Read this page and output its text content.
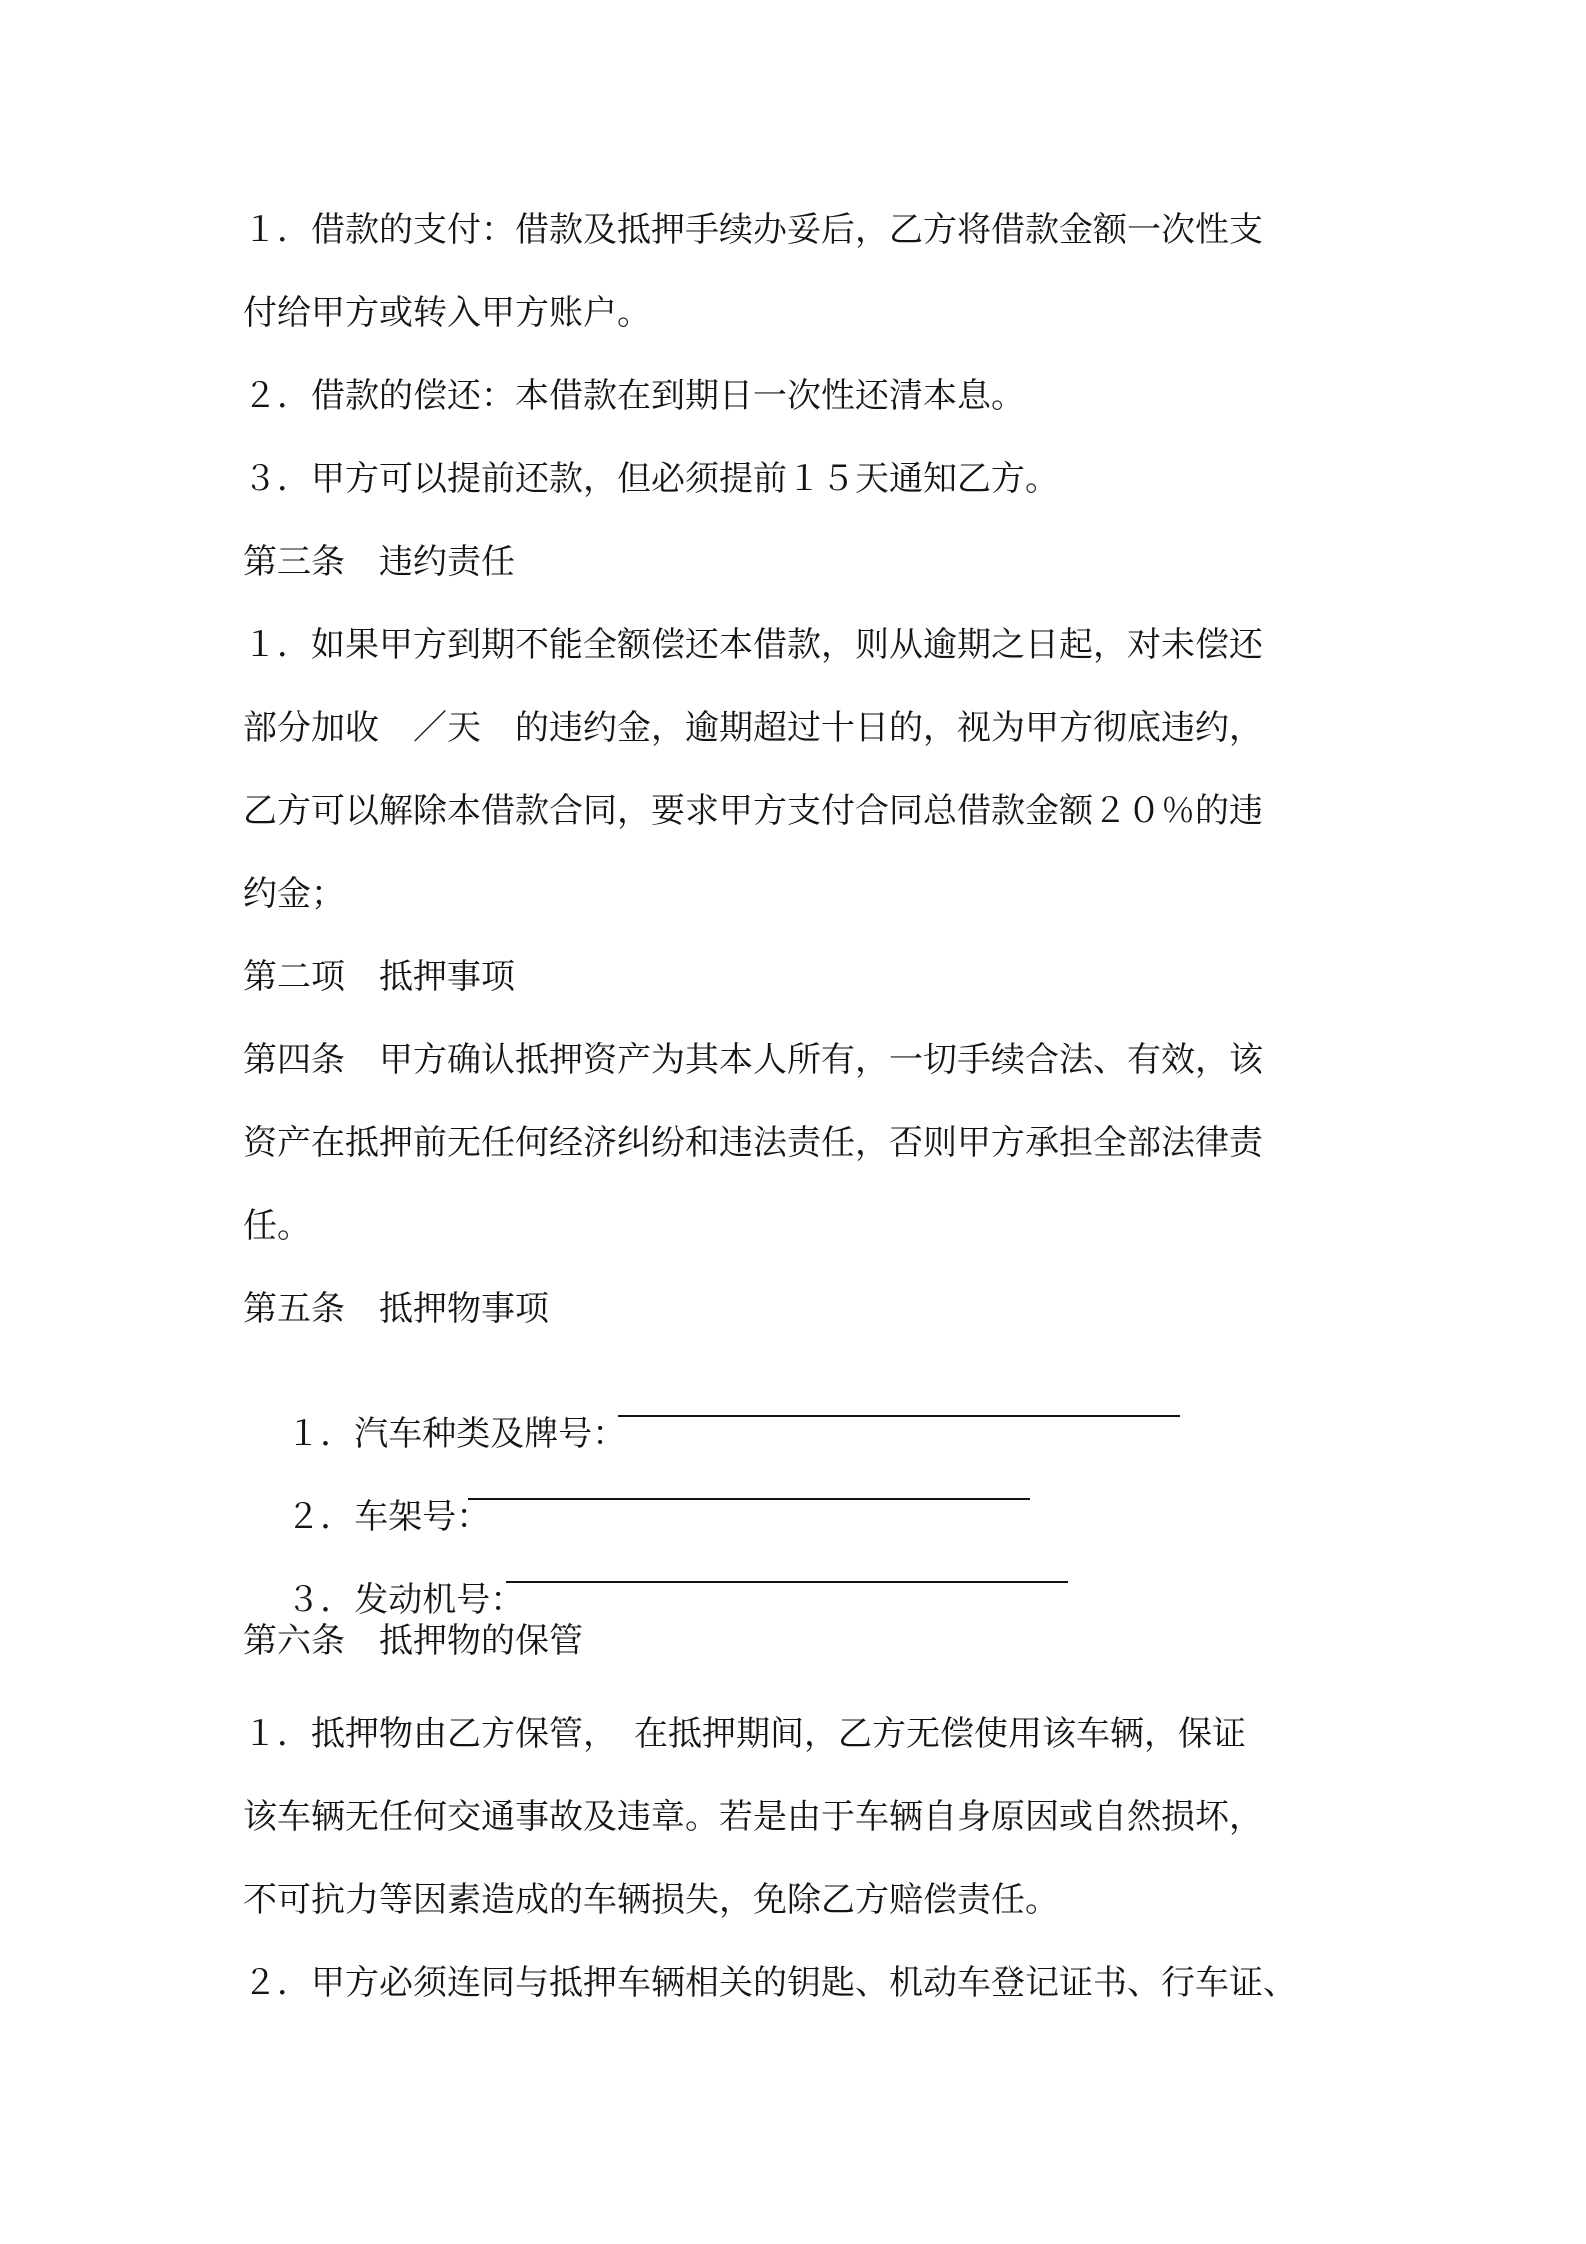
１．借款的支付：借款及抵押手续办妥后，乙方将借款金额一次性支
付给甲方或转入甲方账户。
２．借款的偿还：本借款在到期日一次性还清本息。
３．甲方可以提前还款，但必须提前１５天通知乙方。
第三条　违约责任
１．如果甲方到期不能全额偿还本借款，则从逾期之日起，对未偿还
部分加收　／天　的违约金，逾期超过十日的，视为甲方彻底违约，
乙方可以解除本借款合同，要求甲方支付合同总借款金额２０％的违
约金；
第二项　抵押事项
第四条　甲方确认抵押资产为其本人所有，一切手续合法、有效，该
资产在抵押前无任何经济纠纷和违法责任，否则甲方承担全部法律责
任。
第五条　抵押物事项

１．汽车种类及牌号：

２．车架号：

３．发动机号：

第六条　抵押物的保管
１．抵押物由乙方保管，　在抵押期间，乙方无偿使用该车辆，保证
该车辆无任何交通事故及违章。若是由于车辆自身原因或自然损坏，
不可抗力等因素造成的车辆损失，免除乙方赔偿责任。
２．甲方必须连同与抵押车辆相关的钥匙、机动车登记证书、行车证、
